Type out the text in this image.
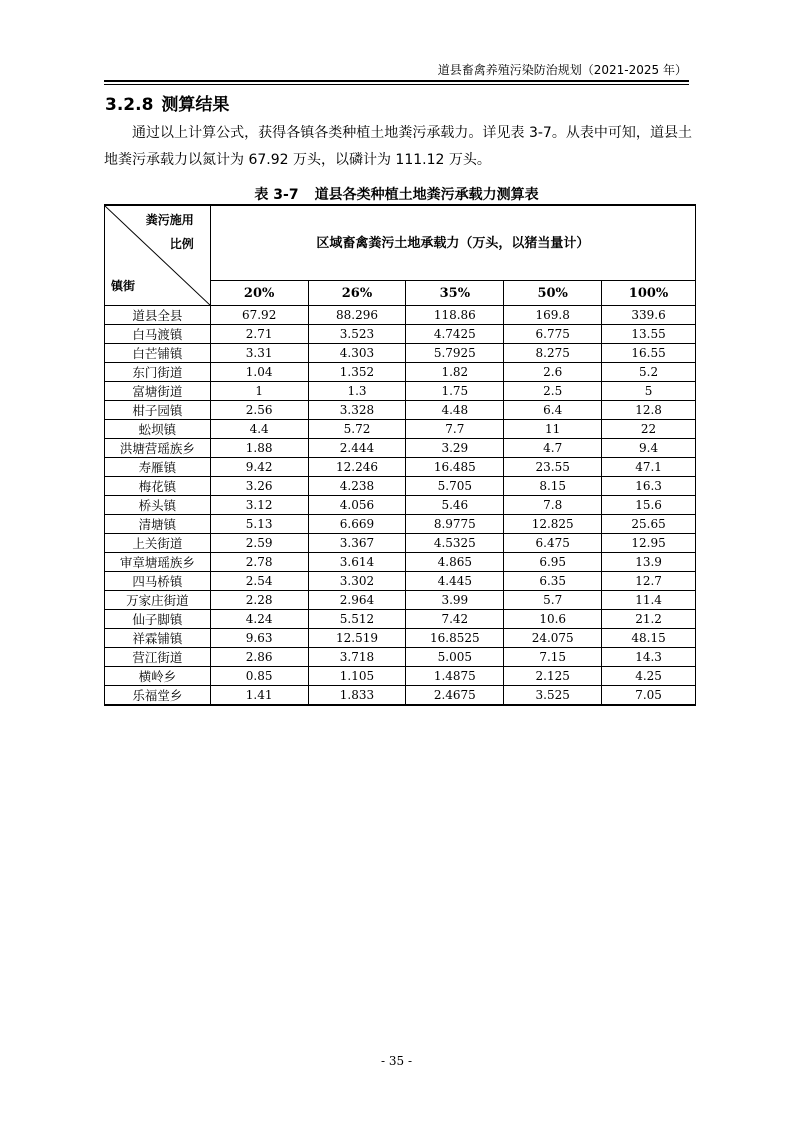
道县畜禽养殖污染防治规划（2021-2025 年）
3.2.8 测算结果
通过以上计算公式，获得各镇各类种植土地粪污承载力。详见表 3-7。从表中可知，道县土地粪污承载力以氮计为 67.92 万头，以磷计为 111.12 万头。
表 3-7 道县各类种植土地粪污承载力测算表
粪污施用
比例
镇街	区域畜禽粪污土地承载力（万头，以猪当量计）				
	20%	26%	35%	50%	100%
道县全县	67.92	88.296	118.86	169.8	339.6
白马渡镇	2.71	3.523	4.7425	6.775	13.55
白芒铺镇	3.31	4.303	5.7925	8.275	16.55
东门街道	1.04	1.352	1.82	2.6	5.2
富塘街道	1	1.3	1.75	2.5	5
柑子园镇	2.56	3.328	4.48	6.4	12.8
蚣坝镇	4.4	5.72	7.7	11	22
洪塘营瑶族乡	1.88	2.444	3.29	4.7	9.4
寿雁镇	9.42	12.246	16.485	23.55	47.1
梅花镇	3.26	4.238	5.705	8.15	16.3
桥头镇	3.12	4.056	5.46	7.8	15.6
清塘镇	5.13	6.669	8.9775	12.825	25.65
上关街道	2.59	3.367	4.5325	6.475	12.95
审章塘瑶族乡	2.78	3.614	4.865	6.95	13.9
四马桥镇	2.54	3.302	4.445	6.35	12.7
万家庄街道	2.28	2.964	3.99	5.7	11.4
仙子脚镇	4.24	5.512	7.42	10.6	21.2
祥霖铺镇	9.63	12.519	16.8525	24.075	48.15
营江街道	2.86	3.718	5.005	7.15	14.3
横岭乡	0.85	1.105	1.4875	2.125	4.25
乐福堂乡	1.41	1.833	2.4675	3.525	7.05
- 35 -
